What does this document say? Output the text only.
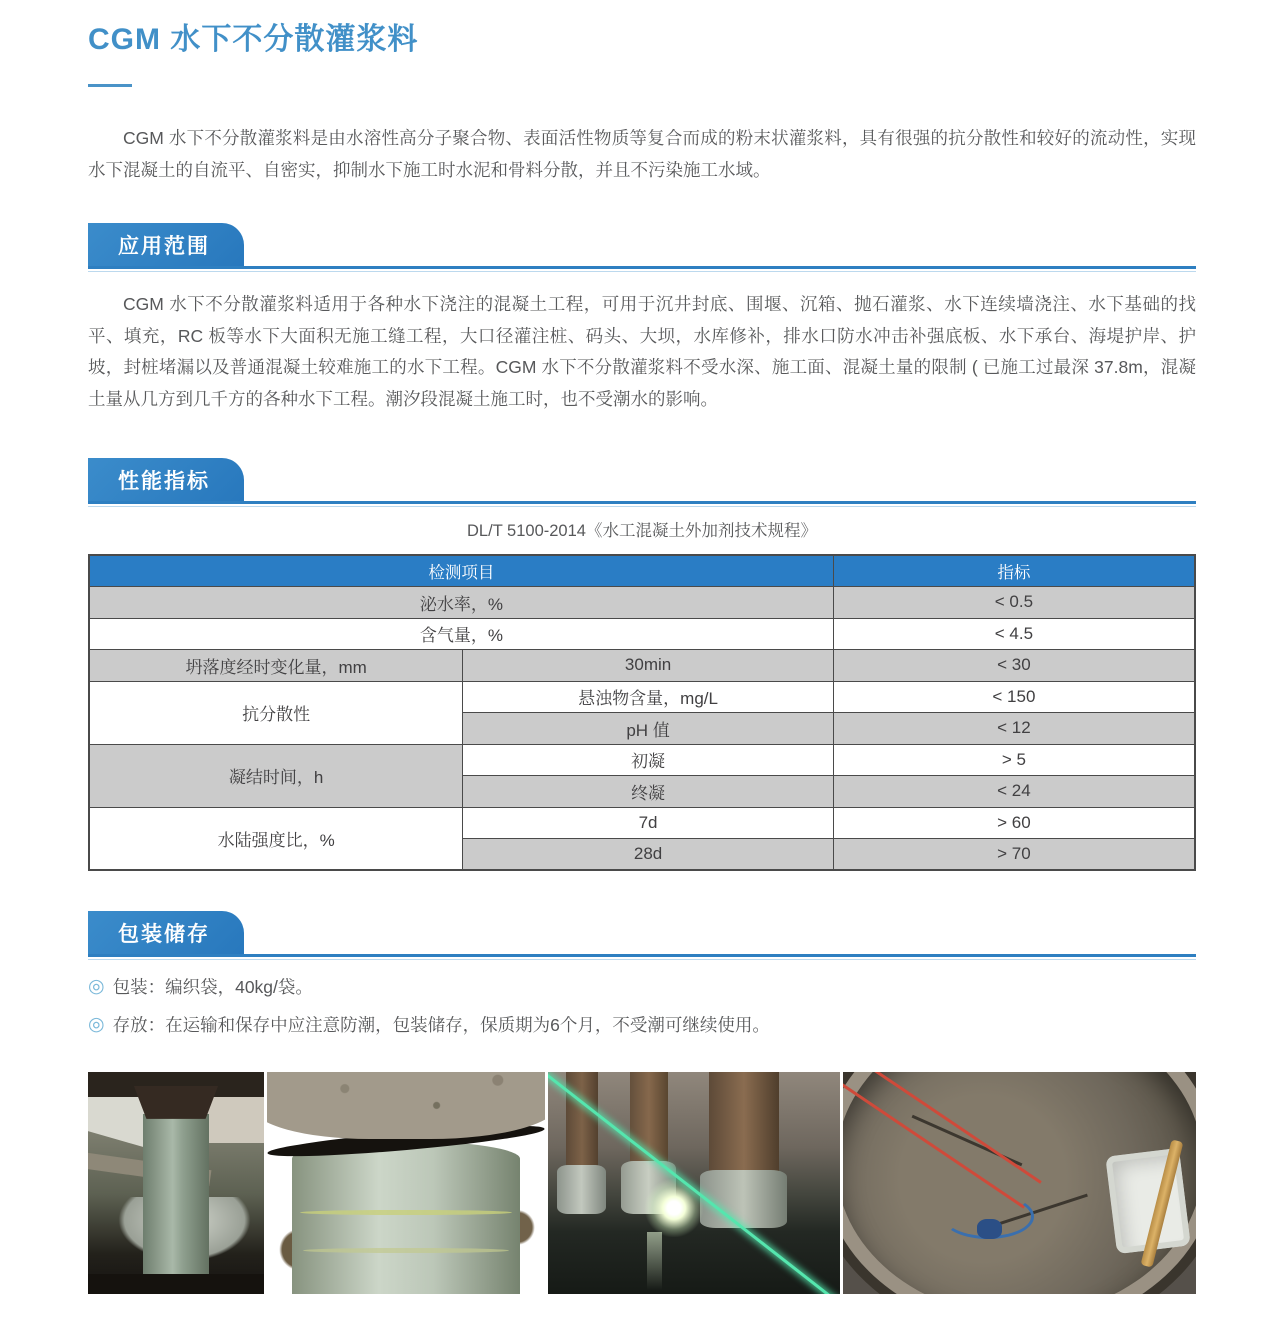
CGM 水下不分散灌浆料

CGM 水下不分散灌浆料是由水溶性高分子聚合物、表面活性物质等复合而成的粉末状灌浆料，具有很强的抗分散性和较好的流动性，实现水下混凝土的自流平、自密实，抑制水下施工时水泥和骨料分散，并且不污染施工水域。

应用范围

CGM 水下不分散灌浆料适用于各种水下浇注的混凝土工程，可用于沉井封底、围堰、沉箱、抛石灌浆、水下连续墙浇注、水下基础的找平、填充，RC 板等水下大面积无施工缝工程，大口径灌注桩、码头、大坝，水库修补，排水口防水冲击补强底板、水下承台、海堤护岸、护坡，封桩堵漏以及普通混凝土较难施工的水下工程。CGM 水下不分散灌浆料不受水深、施工面、混凝土量的限制 ( 已施工过最深 37.8m，混凝土量从几方到几千方的各种水下工程。潮汐段混凝土施工时，也不受潮水的影响。

性能指标

DL/T 5100-2014《水工混凝土外加剂技术规程》

检测项目		指标
泌水率，%		< 0.5
含气量，%		< 4.5
坍落度经时变化量，mm	30min	< 30
抗分散性	悬浊物含量，mg/L	< 150
	pH 值	< 12
凝结时间，h	初凝	> 5
	终凝	< 24
水陆强度比，%	7d	> 60
	28d	> 70
包装储存
◎ 包装：编织袋，40kg/袋。
◎ 存放：在运输和保存中应注意防潮，包装储存，保质期为6个月，不受潮可继续使用。
